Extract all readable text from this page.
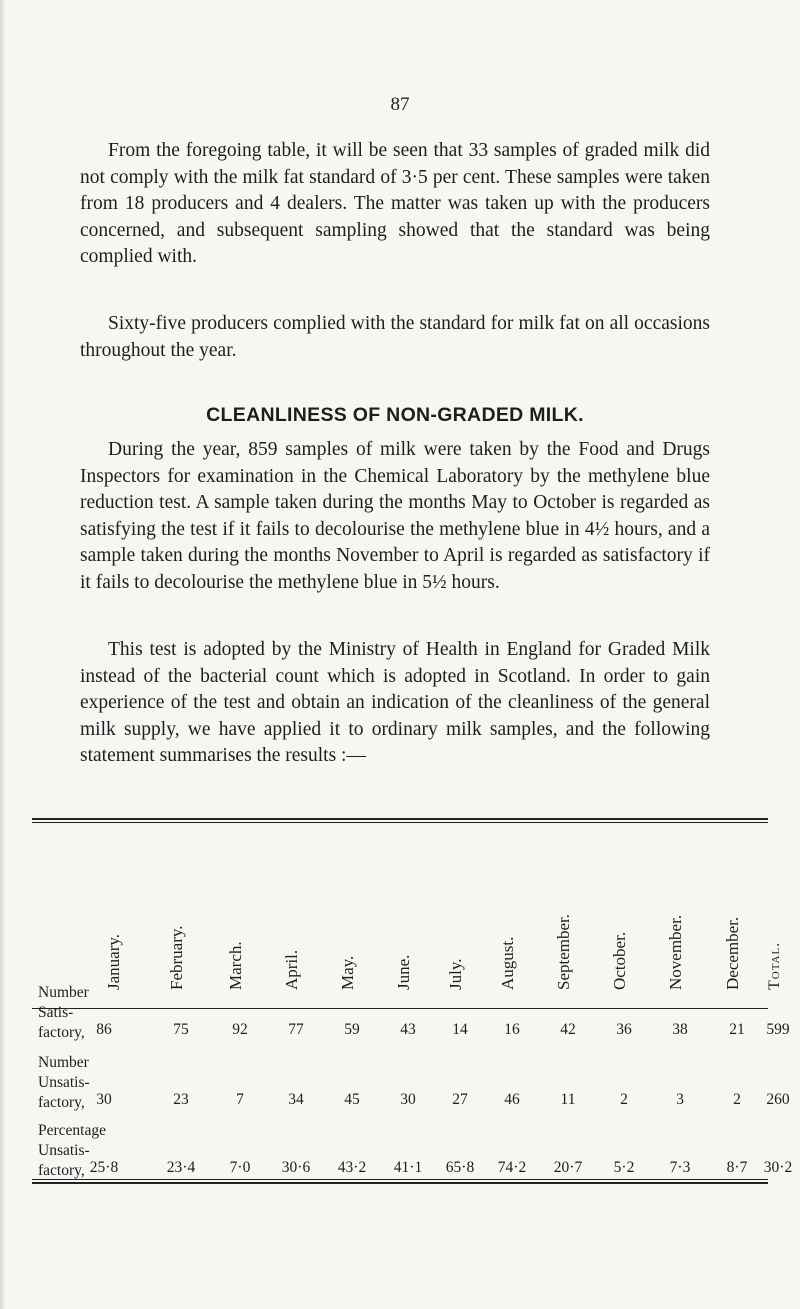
87

From the foregoing table, it will be seen that 33 samples of graded milk did not comply with the milk fat standard of 3·5 per cent. These samples were taken from 18 producers and 4 dealers. The matter was taken up with the producers concerned, and subsequent sampling showed that the standard was being complied with.

Sixty-five producers complied with the standard for milk fat on all occasions throughout the year.

CLEANLINESS OF NON-GRADED MILK.

During the year, 859 samples of milk were taken by the Food and Drugs Inspectors for examination in the Chemical Laboratory by the methylene blue reduction test. A sample taken during the months May to October is regarded as satisfying the test if it fails to decolourise the methylene blue in 4½ hours, and a sample taken during the months November to April is regarded as satisfactory if it fails to decolourise the methylene blue in 5½ hours.

This test is adopted by the Ministry of Health in England for Graded Milk instead of the bacterial count which is adopted in Scotland. In order to gain experience of the test and obtain an indication of the cleanliness of the general milk supply, we have applied it to ordinary milk samples, and the following statement summarises the results :—

January.	February. March. April. May. June. July. August. September. October. November. December. Total.
Number
Satis-
factory, 86	75	92	77	59	43	14	16	42	36	38	21	599
Number
Unsatis-
factory, 30	23	7	34	45	30	27	46	11	2	3	2	260
Percentage
Unsatis-
factory, 25·8	23·4	7·0	30·6	43·2	41·1	65·8	74·2	20·7	5·2	7·3	8·7	30·2
